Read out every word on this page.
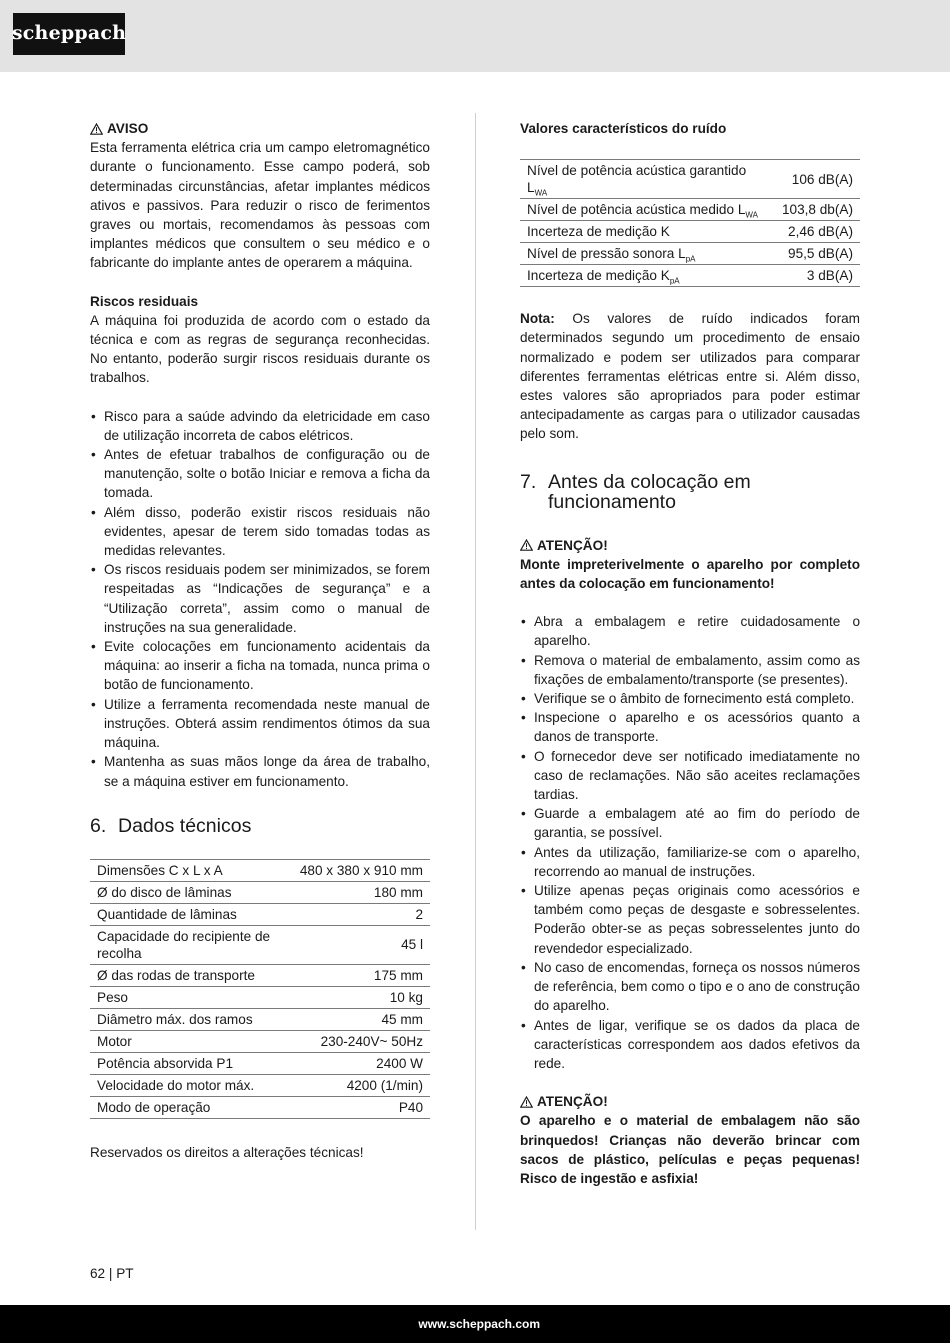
scheppach
AVISO

Esta ferramenta elétrica cria um campo eletromagnético durante o funcionamento. Esse campo poderá, sob determinadas circunstâncias, afetar implantes médicos ativos e passivos. Para reduzir o risco de ferimentos graves ou mortais, recomendamos às pessoas com implantes médicos que consultem o seu médico e o fabricante do implante antes de operarem a máquina.

Riscos residuais

A máquina foi produzida de acordo com o estado da técnica e com as regras de segurança reconhecidas. No entanto, poderão surgir riscos residuais durante os trabalhos.

• Risco para a saúde advindo da eletricidade em caso de utilização incorreta de cabos elétricos.
• Antes de efetuar trabalhos de configuração ou de manutenção, solte o botão Iniciar e remova a ficha da tomada.
• Além disso, poderão existir riscos residuais não evidentes, apesar de terem sido tomadas todas as medidas relevantes.
• Os riscos residuais podem ser minimizados, se forem respeitadas as “Indicações de segurança” e a “Utilização correta”, assim como o manual de instruções na sua generalidade.
• Evite colocações em funcionamento acidentais da máquina: ao inserir a ficha na tomada, nunca prima o botão de funcionamento.
• Utilize a ferramenta recomendada neste manual de instruções. Obterá assim rendimentos ótimos da sua máquina.
• Mantenha as suas mãos longe da área de trabalho, se a máquina estiver em funcionamento.
6. Dados técnicos
Dimensões C x L x A	480 x 380 x 910 mm
Ø do disco de lâminas	180 mm
Quantidade de lâminas	2
Capacidade do recipiente de recolha	45 l
Ø das rodas de transporte	175 mm
Peso	10 kg
Diâmetro máx. dos ramos	45 mm
Motor	230-240V~ 50Hz
Potência absorvida P1	2400 W
Velocidade do motor máx.	4200 (1/min)
Modo de operação	P40

Reservados os direitos a alterações técnicas!

Valores característicos do ruído

Nível de potência acústica garantido $L_{WA}$	106 dB(A)
Nível de potência acústica medido $L_{WA}$	103,8 db(A)
Incerteza de medição K	2,46 dB(A)
Nível de pressão sonora $L_{pA}$	95,5 dB(A)
Incerteza de medição $K_{pA}$	3 dB(A)

Nota: Os valores de ruído indicados foram determinados segundo um procedimento de ensaio normalizado e podem ser utilizados para comparar diferentes ferramentas elétricas entre si. Além disso, estes valores são apropriados para poder estimar antecipadamente as cargas para o utilizador causadas pelo som.

7. Antes da colocação em funcionamento
ATENÇÃO!

Monte impreterivelmente o aparelho por completo antes da colocação em funcionamento!

• Abra a embalagem e retire cuidadosamente o aparelho.
• Remova o material de embalamento, assim como as fixações de embalamento/transporte (se presentes).
• Verifique se o âmbito de fornecimento está completo.
• Inspecione o aparelho e os acessórios quanto a danos de transporte.
• O fornecedor deve ser notificado imediatamente no caso de reclamações. Não são aceites reclamações tardias.
• Guarde a embalagem até ao fim do período de garantia, se possível.
• Antes da utilização, familiarize-se com o aparelho, recorrendo ao manual de instruções.
• Utilize apenas peças originais como acessórios e também como peças de desgaste e sobresselentes. Poderão obter-se as peças sobresselentes junto do revendedor especializado.
• No caso de encomendas, forneça os nossos números de referência, bem como o tipo e o ano de construção do aparelho.
• Antes de ligar, verifique se os dados da placa de características correspondem aos dados efetivos da rede.
ATENÇÃO!

O aparelho e o material de embalagem não são brinquedos! Crianças não deverão brincar com sacos de plástico, películas e peças pequenas! Risco de ingestão e asfixia!

62 | PT
www.scheppach.com
